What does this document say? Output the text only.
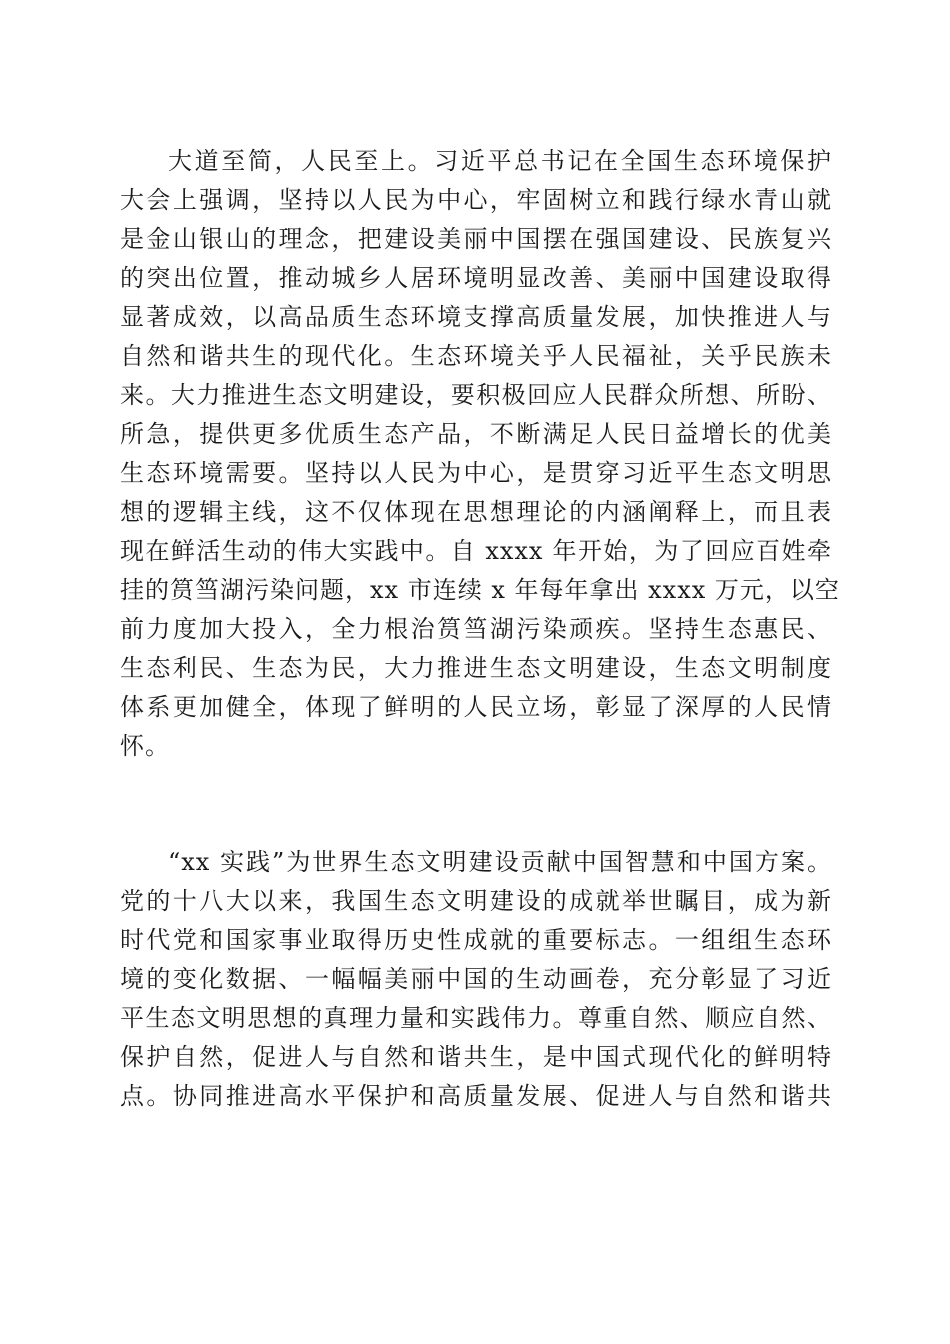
大道至简，人民至上。习近平总书记在全国生态环境保护
大会上强调，坚持以人民为中心，牢固树立和践行绿水青山就
是金山银山的理念，把建设美丽中国摆在强国建设、民族复兴
的突出位置，推动城乡人居环境明显改善、美丽中国建设取得
显著成效，以高品质生态环境支撑高质量发展，加快推进人与
自然和谐共生的现代化。生态环境关乎人民福祉，关乎民族未
来。大力推进生态文明建设，要积极回应人民群众所想、所盼、
所急，提供更多优质生态产品，不断满足人民日益增长的优美
生态环境需要。坚持以人民为中心，是贯穿习近平生态文明思
想的逻辑主线，这不仅体现在思想理论的内涵阐释上，而且表
现在鲜活生动的伟大实践中。自 xxxx 年开始，为了回应百姓牵
挂的筼筜湖污染问题，xx 市连续 x 年每年拿出 xxxx 万元，以空
前力度加大投入，全力根治筼筜湖污染顽疾。坚持生态惠民、
生态利民、生态为民，大力推进生态文明建设，生态文明制度
体系更加健全，体现了鲜明的人民立场，彰显了深厚的人民情
怀。
“xx 实践”为世界生态文明建设贡献中国智慧和中国方案。
党的十八大以来，我国生态文明建设的成就举世瞩目，成为新
时代党和国家事业取得历史性成就的重要标志。一组组生态环
境的变化数据、一幅幅美丽中国的生动画卷，充分彰显了习近
平生态文明思想的真理力量和实践伟力。尊重自然、顺应自然、
保护自然，促进人与自然和谐共生，是中国式现代化的鲜明特
点。协同推进高水平保护和高质量发展、促进人与自然和谐共
